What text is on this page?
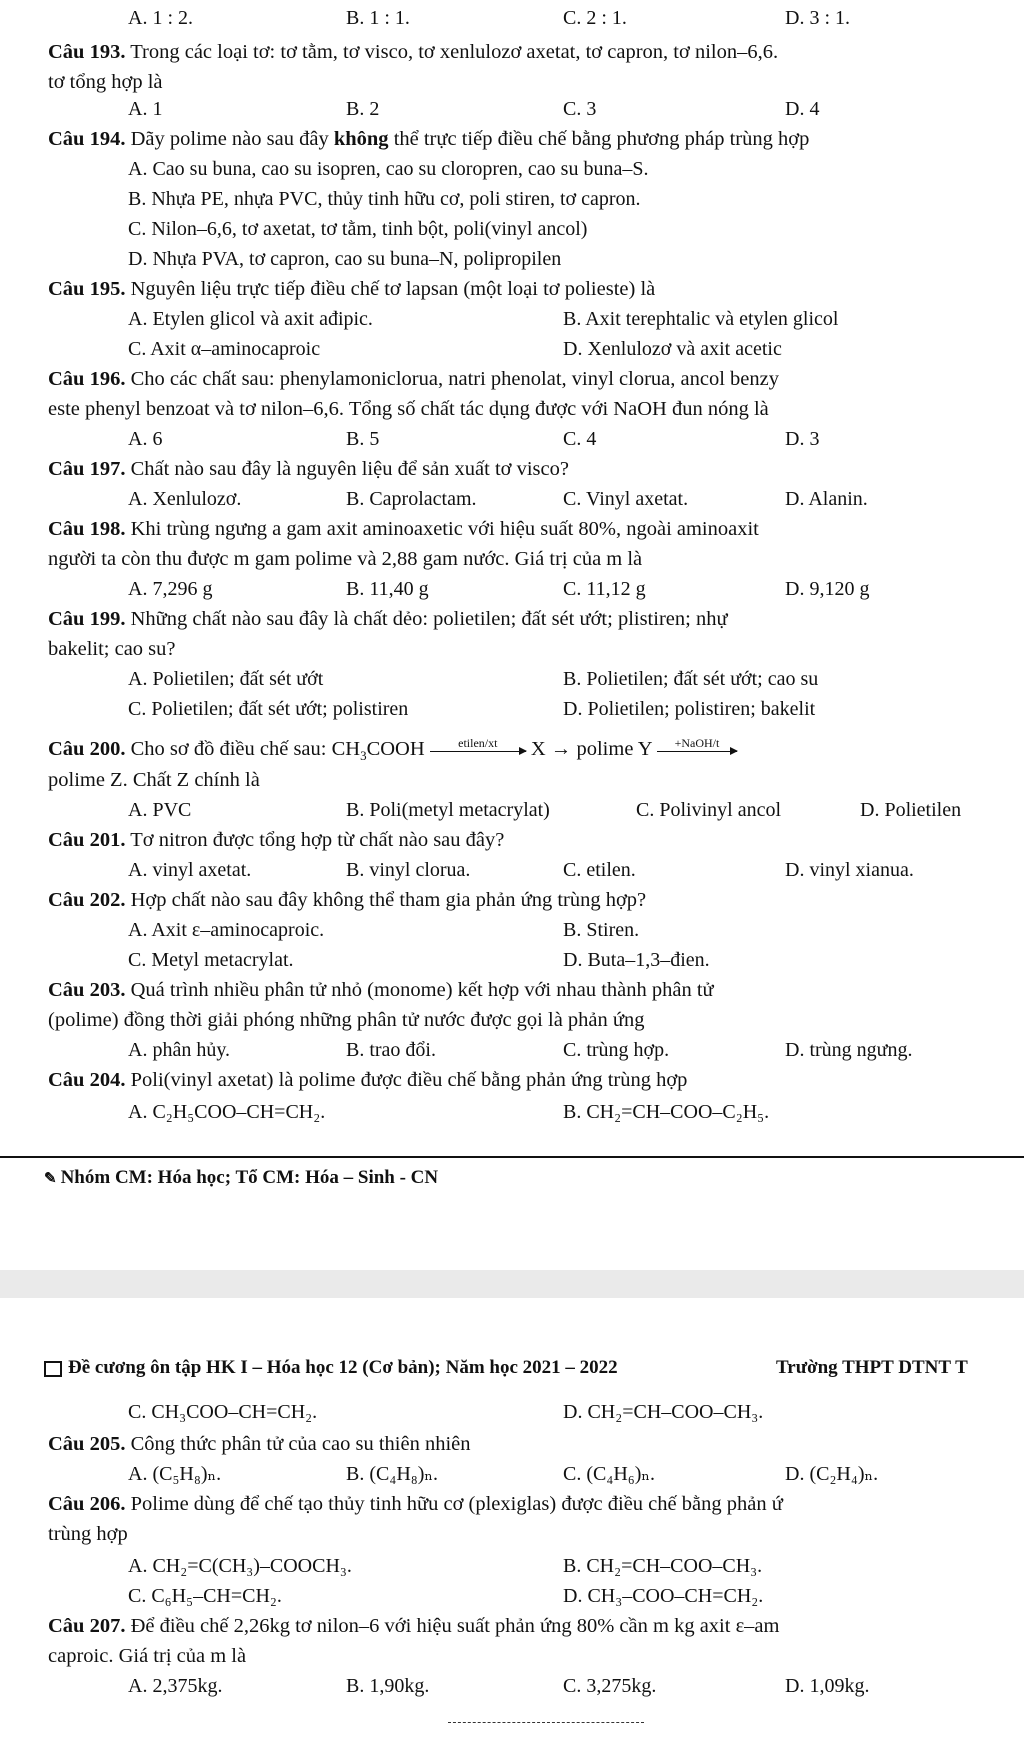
A. 1 : 2.	B. 1 : 1.	C. 2 : 1.	D. 3 : 1.
Câu 193. Trong các loại tơ: tơ tằm, tơ visco, tơ xenlulozơ axetat, tơ capron, tơ nilon–6,6.
tơ tổng hợp là
A. 1	B. 2	C. 3	D. 4
Câu 194. Dãy polime nào sau đây không thể trực tiếp điều chế bằng phương pháp trùng hợp
A. Cao su buna, cao su isopren, cao su cloropren, cao su buna–S.
B. Nhựa PE, nhựa PVC, thủy tinh hữu cơ, poli stiren, tơ capron.
C. Nilon–6,6, tơ axetat, tơ tằm, tinh bột, poli(vinyl ancol)
D. Nhựa PVA, tơ capron, cao su buna–N, polipropilen
Câu 195. Nguyên liệu trực tiếp điều chế tơ lapsan (một loại tơ polieste) là
A. Etylen glicol và axit ađipic.	B. Axit terephtalic và etylen glicol
C. Axit α–aminocaproic	D. Xenlulozơ và axit acetic
Câu 196. Cho các chất sau: phenylamoniclorua, natri phenolat, vinyl clorua, ancol benzy
este phenyl benzoat và tơ nilon–6,6. Tổng số chất tác dụng được với NaOH đun nóng là
A. 6	B. 5	C. 4	D. 3
Câu 197. Chất nào sau đây là nguyên liệu để sản xuất tơ visco?
A. Xenlulozơ.	B. Caprolactam.	C. Vinyl axetat.	D. Alanin.
Câu 198. Khi trùng ngưng a gam axit aminoaxetic với hiệu suất 80%, ngoài aminoaxit
người ta còn thu được m gam polime và 2,88 gam nước. Giá trị của m là
A. 7,296 g	B. 11,40 g	C. 11,12 g	D. 9,120 g
Câu 199. Những chất nào sau đây là chất dẻo: polietilen; đất sét ướt; plistiren; nhự
bakelit; cao su?
A. Polietilen; đất sét ướt	B. Polietilen; đất sét ướt; cao su
C. Polietilen; đất sét ướt; polistiren	D. Polietilen; polistiren; bakelit
Câu 200. Cho sơ đồ điều chế sau: $CH_3COOH$	etilen/xt	X → polime Y	+NaOH/t
polime Z. Chất Z chính là
A. PVC	B. Poli(metyl metacrylat)	C. Polivinyl ancol	D. Polietilen
Câu 201. Tơ nitron được tổng hợp từ chất nào sau đây?
A. vinyl axetat.	B. vinyl clorua.	C. etilen.	D. vinyl xianua.
Câu 202. Hợp chất nào sau đây không thể tham gia phản ứng trùng hợp?
A. Axit ε–aminocaproic.	B. Stiren.
C. Metyl metacrylat.	D. Buta–1,3–đien.
Câu 203. Quá trình nhiều phân tử nhỏ (monome) kết hợp với nhau thành phân tử
(polime) đồng thời giải phóng những phân tử nước được gọi là phản ứng
A. phân hủy.	B. trao đổi.	C. trùng hợp.	D. trùng ngưng.
Câu 204. Poli(vinyl axetat) là polime được điều chế bằng phản ứng trùng hợp
A. C₂H₅COO–CH=CH₂.	B. CH₂=CH–COO–C₂H₅.
✎ Nhóm CM: Hóa học; Tổ CM: Hóa – Sinh - CN
Đề cương ôn tập HK I – Hóa học 12 (Cơ bản); Năm học 2021 – 2022	Trường THPT DTNT T
C. CH₃COO–CH=CH₂.	D. CH₂=CH–COO–CH₃.
Câu 205. Công thức phân tử của cao su thiên nhiên
A. (C₅H₈)ₙ.	B. (C₄H₈)ₙ.	C. (C₄H₆)ₙ.	D. (C₂H₄)ₙ.
Câu 206. Polime dùng để chế tạo thủy tinh hữu cơ (plexiglas) được điều chế bằng phản ứ
trùng hợp
A. CH₂=C(CH₃)–COOCH₃.	B. CH₂=CH–COO–CH₃.
C. C₆H₅–CH=CH₂.	D. CH₃–COO–CH=CH₂.
Câu 207. Để điều chế 2,26kg tơ nilon–6 với hiệu suất phản ứng 80% cần m kg axit ε–am
caproic. Giá trị của m là
A. 2,375kg.	B. 1,90kg.	C. 3,275kg.	D. 1,09kg.
